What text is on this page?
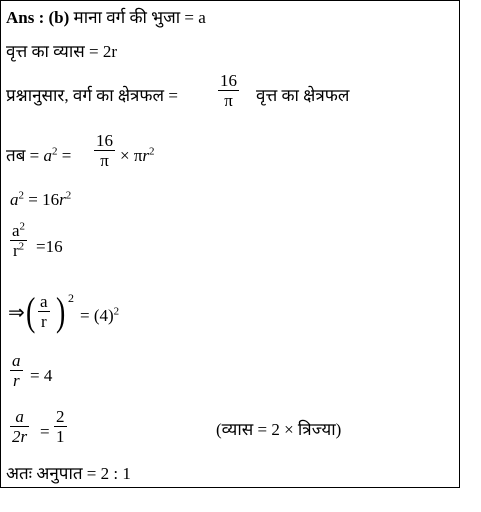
Ans : (b) माना वर्ग की भुजा = a
वृत्त का व्यास = 2r
प्रश्नानुसार, वर्ग का क्षेत्रफल =
16
π वृत्त का क्षेत्रफल
तब = $a^2$ =
16
$\pi \times \pi r^2$
$a^2 = 16r^2$
$a^2$
$r^2 =16$
⇒ ( a
r ) 2
= $(4)^2$
a
r = 4
a
2r =
2
1	(व्यास = 2 × त्रिज्या)
अतः अनुपात = 2 : 1
